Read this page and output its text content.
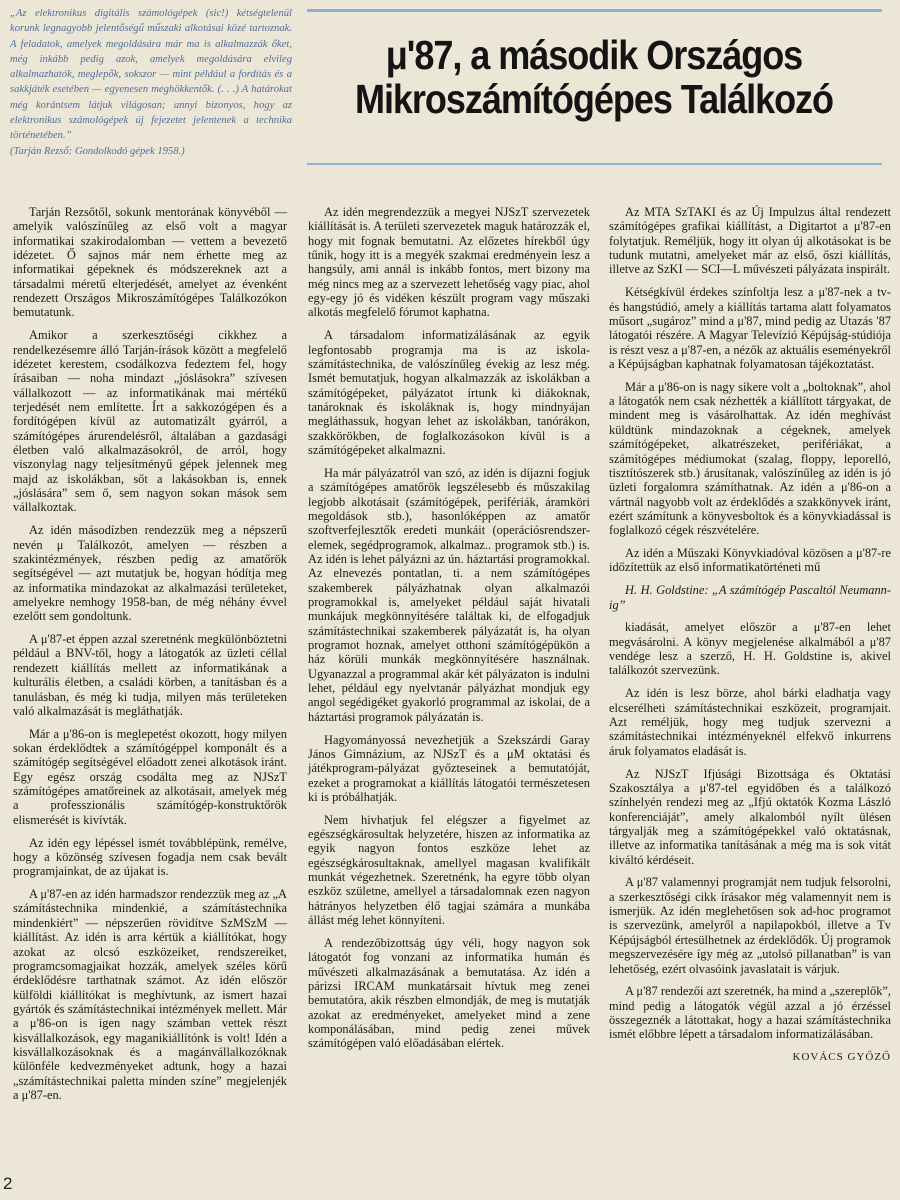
„Az elektronikus digitális számológépek (sic!) kétségtelenül korunk legnagyobb jelentőségű műszaki alkotásai közé tartoznak. A feladatok, amelyek megoldására már ma is alkalmazzák őket, még inkább pedig azok, amelyek megoldására elvileg alkalmazhatók, meglepők, sokszor — mint például a fordítás és a sakkjáték esetében — egyenesen meghökkentők. (. . .) A határokat még korántsem látjuk világosan; annyi bizonyos, hogy az elektronikus számológépek új fejezetet jelentenek a technika történetében.”
(Tarján Rezső: Gondolkodó gépek 1958.)
μ'87, a második Országos Mikroszámítógépes Találkozó

Tarján Rezsőtől, sokunk mentorának könyvéből — amelyik valószínűleg az első volt a magyar informatikai szakirodalomban — vettem a bevezető idézetet. Ő sajnos már nem érhette meg az informatikai gépeknek és módszereknek azt a társadalmi méretű elterjedését, amelyet az évenként rendezett Országos Mikroszámítógépes Találkozókon bemutatunk.

Amikor a szerkesztőségi cikkhez a rendelkezésemre álló Tarján-írások között a megfelelő idézetet kerestem, csodálkozva fedeztem fel, hogy írásaiban — noha mindazt „jóslásokra” szívesen vállalkozott — az informatikának mai mértékű terjedését nem említette. Írt a sakkozógépen és a fordítógépen kívül az automatizált gyárról, a számítógépes árurendelésről, általában a gazdasági életben való alkalmazásokról, de arról, hogy viszonylag nagy teljesítményű gépek jelennek meg majd az iskolákban, sőt a lakásokban is, ennek „jóslására” sem ő, sem nagyon sokan mások sem vállalkoztak.

Az idén másodízben rendezzük meg a népszerű nevén μ Találkozót, amelyen — részben a szakintézmények, részben pedig az amatőrök segítségével — azt mutatjuk be, hogyan hódítja meg az informatika mindazokat az alkalmazási területeket, amelyekre nemhogy 1958-ban, de még néhány évvel ezelőtt sem gondoltunk.

A μ'87-et éppen azzal szeretnénk megkülönböztetni például a BNV-től, hogy a látogatók az üzleti céllal rendezett kiállítás mellett az informatikának a kulturális életben, a családi körben, a tanításban és a tanulásban, és még ki tudja, milyen más területeken való alkalmazását is megláthatják.

Már a μ'86-on is meglepetést okozott, hogy milyen sokan érdeklődtek a számítógéppel komponált és a számítógép segítségével előadott zenei alkotások iránt. Egy egész ország csodálta meg az NJSzT számítógépes amatőreinek az alkotásait, amelyek még a professzionális számítógép-konstruktőrök elismerését is kivívták.

Az idén egy lépéssel ismét továbblépünk, remélve, hogy a közönség szívesen fogadja nem csak bevált programjainkat, de az újakat is.

A μ'87-en az idén harmadszor rendezzük meg az „A számítástechnika mindenkié, a számítástechnika mindenkiért” — népszerűen rövidítve SzMSzM — kiállítást. Az idén is arra kértük a kiállítókat, hogy azokat az olcsó eszközeiket, rendszereiket, programcsomagjaikat hozzák, amelyek széles körű érdeklődésre tarthatnak számot. Az idén először külföldi kiállítókat is meghívtunk, az ismert hazai gyártók és számítástechnikai intézmények mellett. Már a μ'86-on is igen nagy számban vettek részt kisvállalkozások, egy maganikiállítónk is volt! Idén a kisvállalkozásoknak és a magánvállalkozóknak különféle kedvezményeket adtunk, hogy a hazai „számítástechnikai paletta minden színe” megjelenjék a μ'87-en.

Az idén megrendezzük a megyei NJSzT szervezetek kiállítását is. A területi szervezetek maguk határozzák el, hogy mit fognak bemutatni. Az előzetes hírekből úgy tűnik, hogy itt is a megyék szakmai eredményein lesz a hangsúly, ami annál is inkább fontos, mert bizony ma még nincs meg az a szervezett lehetőség vagy piac, ahol egy-egy jó és vidéken készült program vagy műszaki alkotás megfelelő fórumot kaphatna.

A társadalom informatizálásának az egyik legfontosabb programja ma is az iskola-számítástechnika, de valószínűleg évekig az lesz még. Ismét bemutatjuk, hogyan alkalmazzák az iskolákban a számítógépeket, pályázatot írtunk ki diákoknak, tanároknak és iskoláknak is, hogy mindnyájan megláthassuk, hogyan lehet az iskolákban, tanórákon, szakkörökben, de foglalkozásokon kívül is a számítógépeket alkalmazni.

Ha már pályázatról van szó, az idén is díjazni fogjuk a számítógépes amatőrök legszélesebb és műszakilag legjobb alkotásait (számítógépek, perifériák, áramköri megoldások stb.), hasonlóképpen az amatőr szoftverfejlesztők eredeti munkáit (operációsrendszer-elemek, segédprogramok, alkalmaz.. programok stb.) is. Az idén is lehet pályázni az ún. háztartási programokkal. Az elnevezés pontatlan, ti. a nem számítógépes szakemberek pályázhatnak olyan alkalmazói programokkal is, amelyeket például saját hivatali munkájuk megkönnyítésére találtak ki, de elfogadjuk számítástechnikai szakemberek pályázatát is, ha olyan programot hoznak, amelyet otthoni számítógépükön a ház körüli munkák megkönnyítésére használnak. Ugyanazzal a programmal akár két pályázaton is indulni lehet, például egy nyelvtanár pályázhat mondjuk egy angol segédigéket gyakorló programmal az iskolai, de a háztartási programok pályázatán is.

Hagyományossá nevezhetjük a Szekszárdi Garay János Gimnázium, az NJSzT és a μM oktatási és játékprogram-pályázat győzteseinek a bemutatóját, ezeket a programokat a kiállítás látogatói természetesen ki is próbálhatják.

Nem hivhatjuk fel elégszer a figyelmet az egészségkárosultak helyzetére, hiszen az informatika az egyik nagyon fontos eszköze lehet az egészségkárosultaknak, amellyel magasan kvalifikált munkát végezhetnek. Szeretnénk, ha egyre több olyan eszköz születne, amellyel a társadalomnak ezen nagyon hátrányos helyzetben élő tagjai számára a munkába állást még lehet könnyíteni.

A rendezőbizottság úgy véli, hogy nagyon sok látogatót fog vonzani az informatika humán és művészeti alkalmazásának a bemutatása. Az idén a párizsi IRCAM munkatársait hívtuk meg zenei bemutatóra, akik részben elmondják, de meg is mutatják azokat az eredményeket, amelyeket mind a zene komponálásában, mind pedig zenei művek számítógépen való előadásában elértek.

Az MTA SzTAKI és az Új Impulzus által rendezett számítógépes grafikai kiállítást, a Digitartot a μ'87-en folytatjuk. Reméljük, hogy itt olyan új alkotásokat is be tudunk mutatni, amelyeket már az első, őszi kiállítás, illetve az SzKI — SCI—L művészeti pályázata inspirált.

Kétségkívül érdekes színfoltja lesz a μ'87-nek a tv- és hangstúdió, amely a kiállítás tartama alatt folyamatos műsort „sugároz” mind a μ'87, mind pedig az Utazás '87 látogatói részére. A Magyar Televízió Képújság-stúdiója is részt vesz a μ'87-en, a nézők az aktuális eseményekről a Képújságban kaphatnak folyamatosan tájékoztatást.

Már a μ'86-on is nagy sikere volt a „boltoknak”, ahol a látogatók nem csak nézhették a kiállított tárgyakat, de mindent meg is vásárolhattak. Az idén meghívást küldtünk mindazoknak a cégeknek, amelyek számítógépeket, alkatrészeket, perifériákat, a számítógépes médiumokat (szalag, floppy, leporelló, tisztítószerek stb.) árusítanak, valószínűleg az idén is jó üzleti forgalomra számíthatnak. Az idén a μ'86-on a vártnál nagyobb volt az érdeklődés a szakkönyvek iránt, ezért számítunk a könyvesboltok és a könyvkiadással is foglalkozó cégek részvételére.

Az idén a Műszaki Könyvkiadóval közösen a μ'87-re időzítettük az első informatikatörténeti mű

H. H. Goldstine: „A számítógép Pascaltól Neumann-ig”

kiadását, amelyet először a μ'87-en lehet megvásárolni. A könyv megjelenése alkalmából a μ'87 vendége lesz a szerző, H. H. Goldstine is, akivel találkozót szervezünk.

Az idén is lesz börze, ahol bárki eladhatja vagy elcserélheti számítástechnikai eszközeit, programjait. Azt reméljük, hogy meg tudjuk szervezni a számítástechnikai intézményeknél elfekvő inkurrens áruk folyamatos eladását is.

Az NJSzT Ifjúsági Bizottsága és Oktatási Szakosztálya a μ'87-tel egyidőben és a találkozó színhelyén rendezi meg az „Ifjú oktatók Kozma László konferenciáját”, amely alkalomból nyílt ülésen tárgyalják meg a számítógépekkel való oktatásnak, illetve az informatika tanításának a még ma is sok vitát kiváltó kérdéseit.

A μ'87 valamennyi programját nem tudjuk felsorolni, a szerkesztőségi cikk írásakor még valamennyit nem is ismerjük. Az idén meglehetősen sok ad-hoc programot is szervezünk, amelyről a napilapokból, illetve a Tv Képújságból értesülhetnek az érdeklődők. Új programok megszervezésére így még az „utolsó pillanatban” is van lehetőség, ezért olvasóink javaslatait is várjuk.

A μ'87 rendezői azt szeretnék, ha mind a „szereplők”, mind pedig a látogatók végül azzal a jó érzéssel összegeznék a látottakat, hogy a hazai számítástechnika ismét előbbre lépett a társadalom informatizálásában.

KOVÁCS GYŐZŐ

2
